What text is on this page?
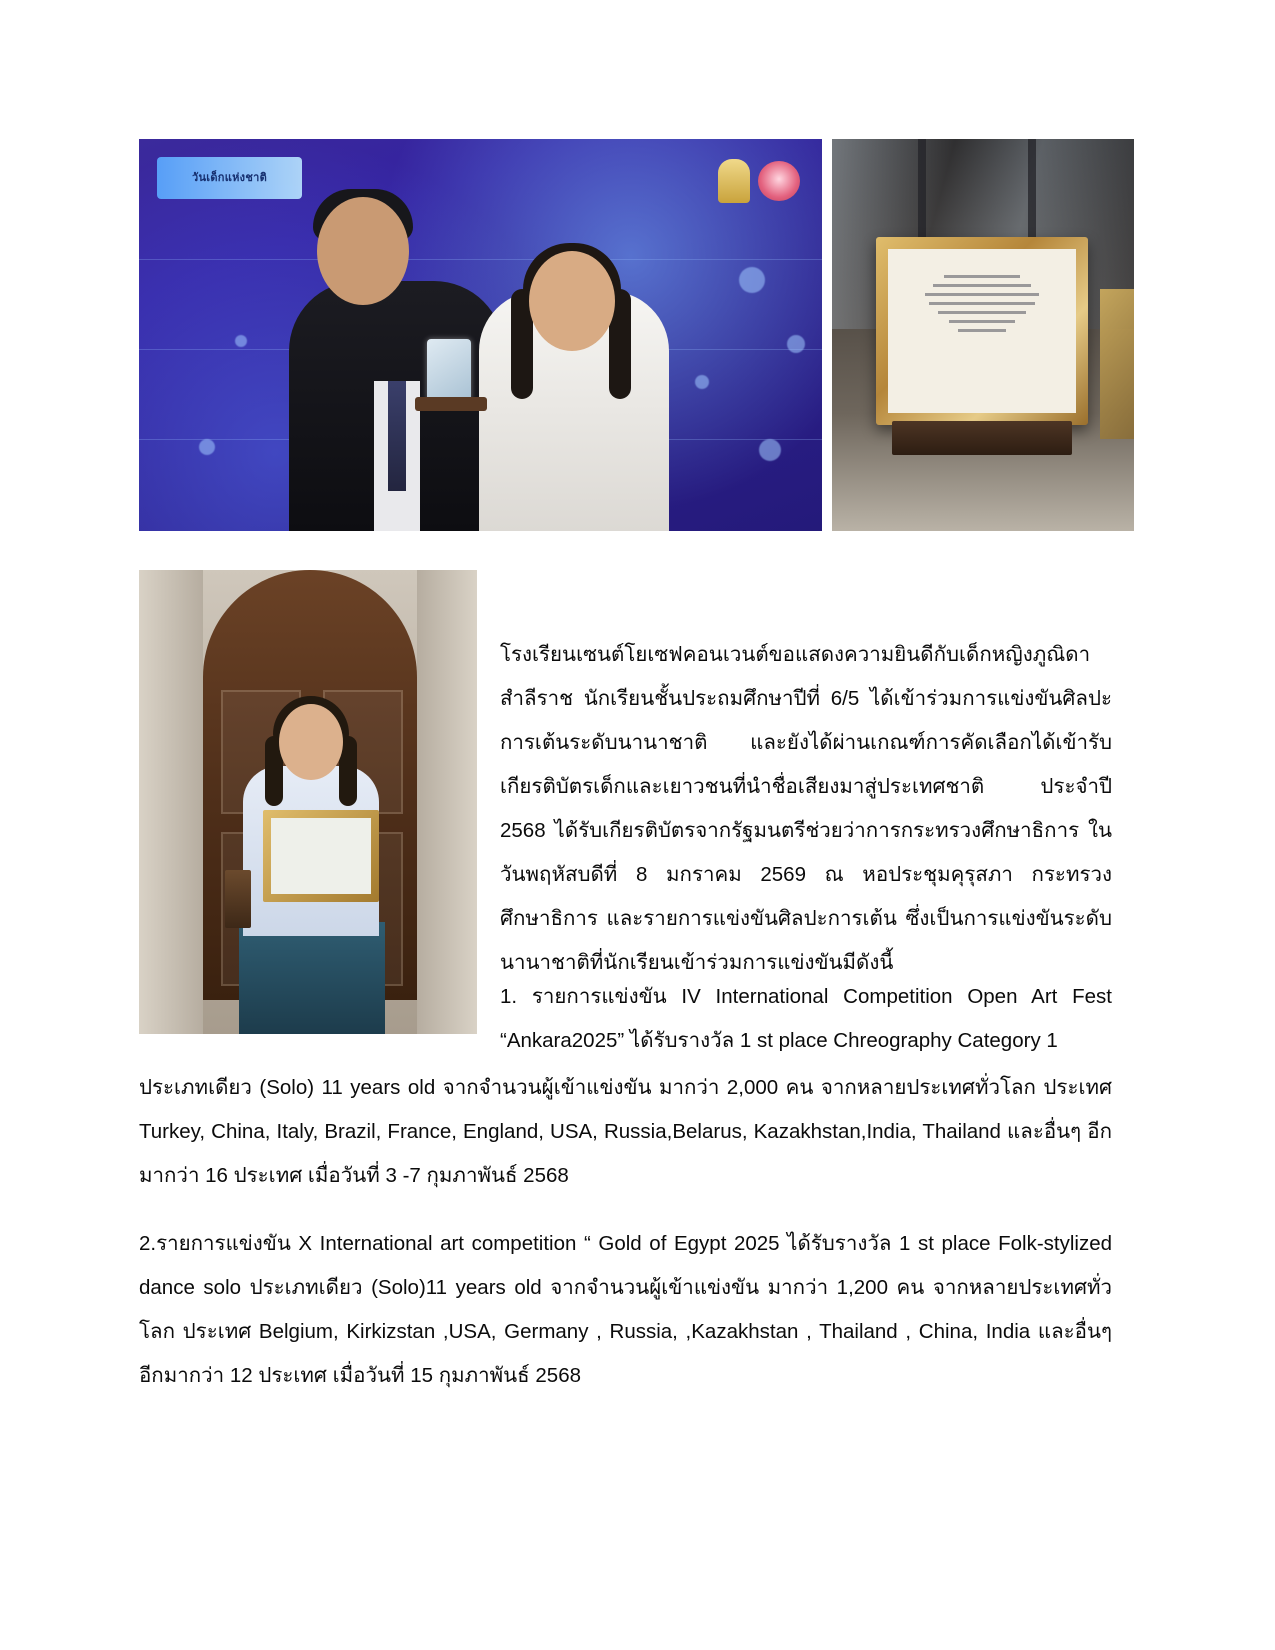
วันเด็กแห่งชาติ

โรงเรียนเซนต์โยเซฟคอนเวนต์ขอแสดงความยินดีกับเด็กหญิงภูณิดา สำลีราช นักเรียนชั้นประถมศึกษาปีที่ 6/5 ได้เข้าร่วมการแข่งขันศิลปะการเต้นระดับนานาชาติ และยังได้ผ่านเกณฑ์การคัดเลือกได้เข้ารับเกียรติบัตรเด็กและเยาวชนที่นำชื่อเสียงมาสู่ประเทศชาติ ประจำปี 2568 ได้รับเกียรติบัตรจากรัฐมนตรีช่วยว่าการกระทรวงศึกษาธิการ ในวันพฤหัสบดีที่ 8 มกราคม 2569 ณ หอประชุมคุรุสภา กระทรวงศึกษาธิการ และรายการแข่งขันศิลปะการเต้น ซึ่งเป็นการแข่งขันระดับนานาชาติที่นักเรียนเข้าร่วมการแข่งขันมีดังนี้

1. รายการแข่งขัน IV International Competition Open Art Fest “Ankara2025” ได้รับรางวัล 1 st place Chreography Category 1

ประเภทเดียว (Solo) 11 years old จากจำนวนผู้เข้าแข่งขัน มากว่า 2,000 คน จากหลายประเทศทั่วโลก ประเทศ Turkey, China, Italy, Brazil, France, England, USA, Russia,Belarus, Kazakhstan,India, Thailand และอื่นๆ อีกมากว่า 16 ประเทศ เมื่อวันที่ 3 -7 กุมภาพันธ์ 2568

2.รายการแข่งขัน X International art competition “ Gold of Egypt 2025 ได้รับรางวัล 1 st place Folk-stylized dance solo ประเภทเดียว (Solo)11 years old จากจำนวนผู้เข้าแข่งขัน มากว่า 1,200 คน จากหลายประเทศทั่วโลก ประเทศ Belgium, Kirkizstan ,USA, Germany , Russia, ,Kazakhstan , Thailand , China, India และอื่นๆ อีกมากว่า 12 ประเทศ เมื่อวันที่ 15 กุมภาพันธ์ 2568
